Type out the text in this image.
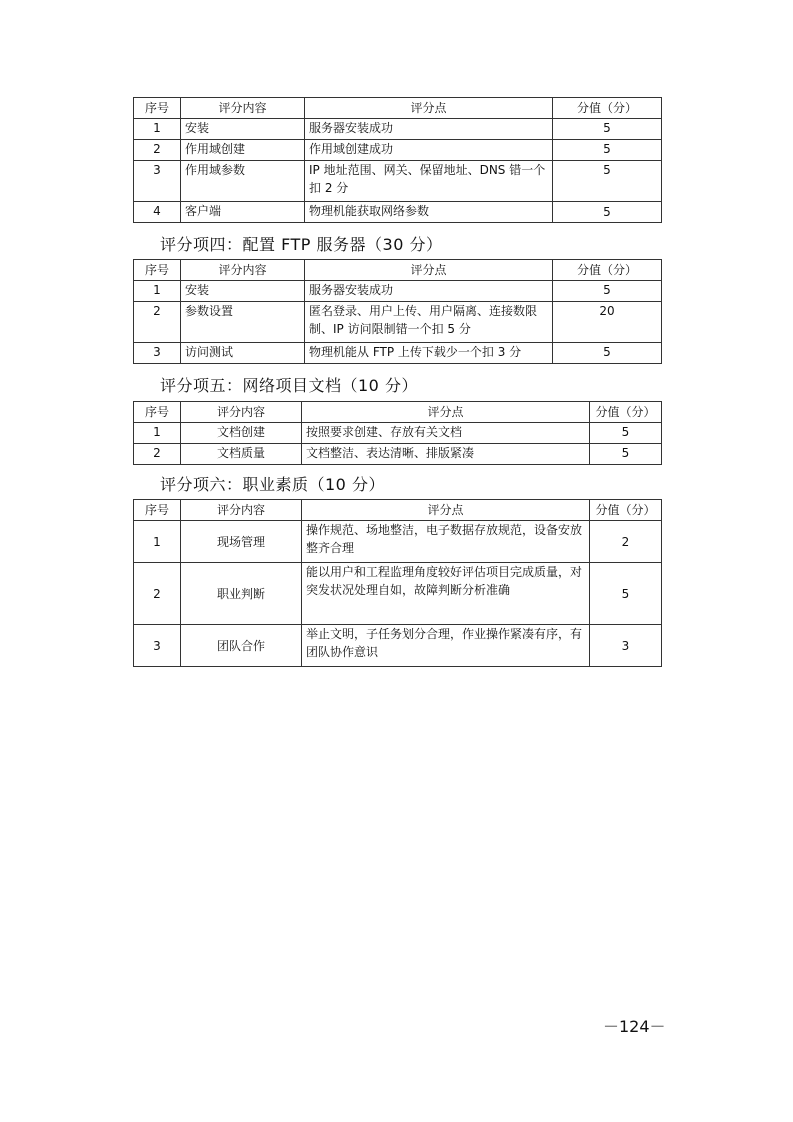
序号	评分内容	评分点	分值（分）
1	安装	服务器安装成功	5
2	作用域创建	作用域创建成功	5
3	作用域参数	IP 地址范围、网关、保留地址、DNS 错一个扣 2 分	5
4	客户端	物理机能获取网络参数	5
评分项四：配置 FTP 服务器（30 分）
序号	评分内容	评分点	分值（分）
1	安装	服务器安装成功	5
2	参数设置	匿名登录、用户上传、用户隔离、连接数限制、IP 访问限制错一个扣 5 分	20
3	访问测试	物理机能从 FTP 上传下载少一个扣 3 分	5
评分项五：网络项目文档（10 分）
序号	评分内容	评分点	分值（分）
1	文档创建	按照要求创建、存放有关文档	5
2	文档质量	文档整洁、表达清晰、排版紧凑	5
评分项六：职业素质（10 分）
序号	评分内容	评分点	分值（分）
1	现场管理	操作规范、场地整洁，电子数据存放规范，设备安放整齐合理	2
2	职业判断	能以用户和工程监理角度较好评估项目完成质量，对突发状况处理自如，故障判断分析准确	5
3	团队合作	举止文明，子任务划分合理，作业操作紧凑有序，有团队协作意识	3
－124－
